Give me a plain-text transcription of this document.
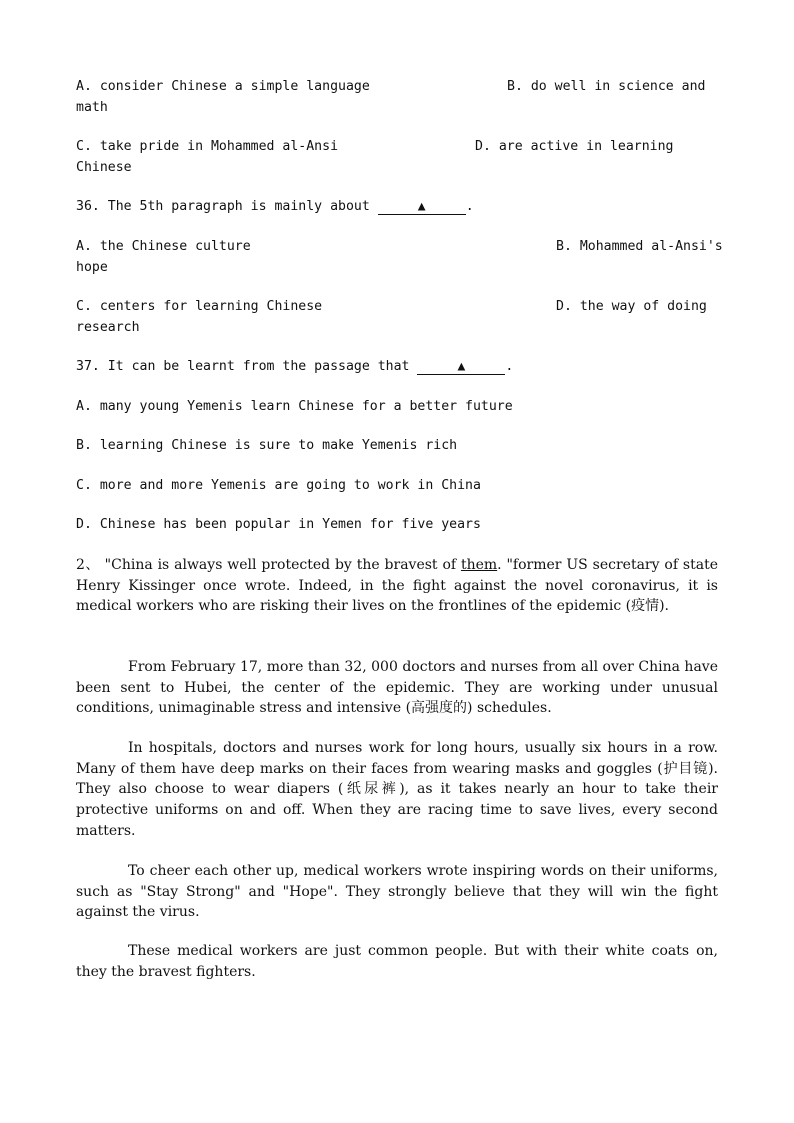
A. consider Chinese a simple language	B. do well in science and
math
C. take pride in Mohammed al-Ansi	D. are active in learning
Chinese
36. The 5th paragraph is mainly about	▲	.
A. the Chinese culture	B. Mohammed al-Ansi's
hope
C. centers for learning Chinese	D. the way of doing
research
37. It can be learnt from the passage that	▲	.
A. many young Yemenis learn Chinese for a better future
B. learning Chinese is sure to make Yemenis rich
C. more and more Yemenis are going to work in China
D. Chinese has been popular in Yemen for five years
2、 "China is always well protected by the bravest of them. "former US secretary of state Henry Kissinger once wrote. Indeed, in the fight against the novel coronavirus, it is medical workers who are risking their lives on the frontlines of the epidemic (疫情).
From February 17, more than 32, 000 doctors and nurses from all over China have been sent to Hubei, the center of the epidemic. They are working under unusual conditions, unimaginable stress and intensive (高强度的) schedules.
In hospitals, doctors and nurses work for long hours, usually six hours in a row. Many of them have deep marks on their faces from wearing masks and goggles (护目镜). They also choose to wear diapers (纸尿裤), as it takes nearly an hour to take their protective uniforms on and off. When they are racing time to save lives, every second matters.
To cheer each other up, medical workers wrote inspiring words on their uniforms, such as "Stay Strong" and "Hope". They strongly believe that they will win the fight against the virus.
These medical workers are just common people. But with their white coats on, they the bravest fighters.
